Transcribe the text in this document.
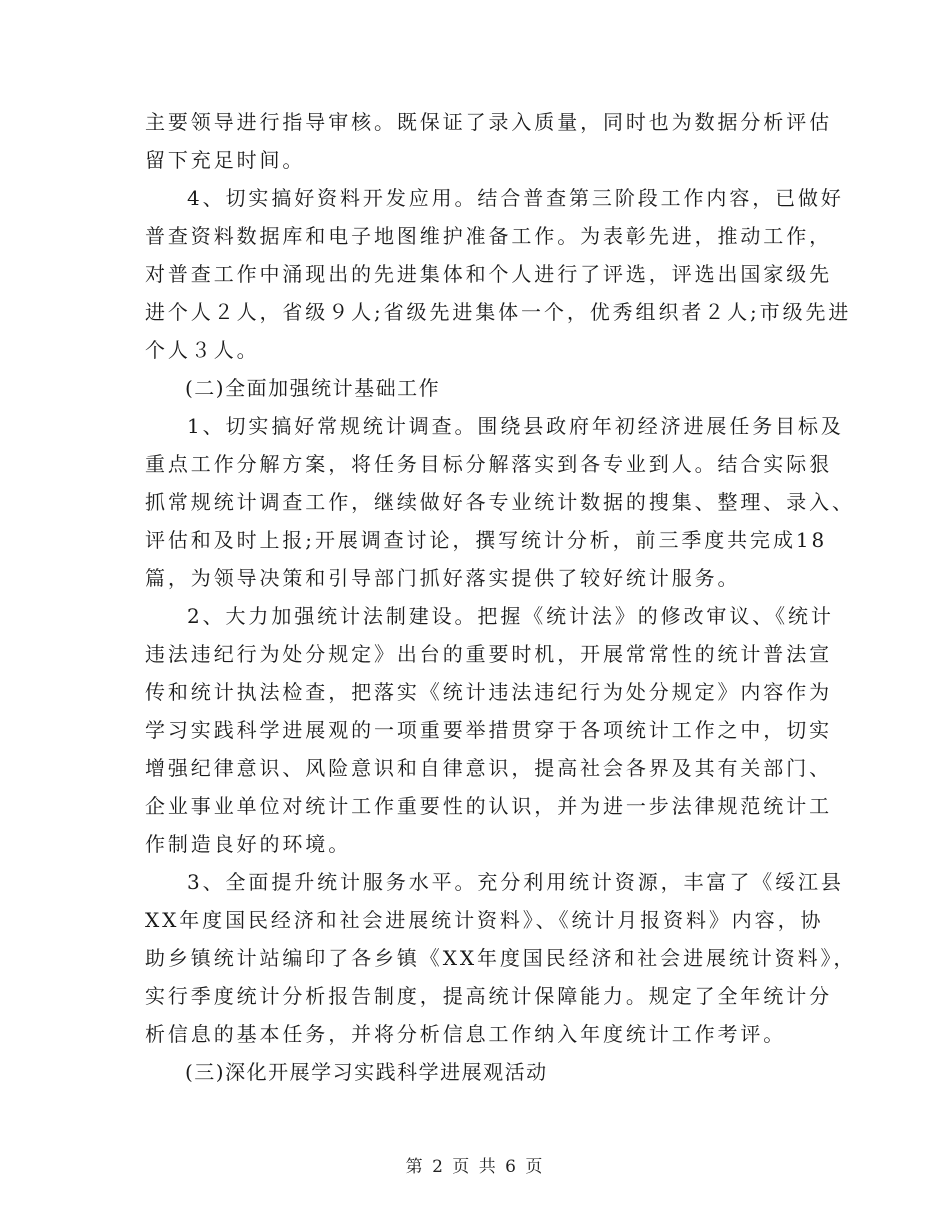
主要领导进行指导审核。既保证了录入质量，同时也为数据分析评估
留下充足时间。
4、切实搞好资料开发应用。结合普查第三阶段工作内容，已做好
普查资料数据库和电子地图维护准备工作。为表彰先进，推动工作，
对普查工作中涌现出的先进集体和个人进行了评选，评选出国家级先
进个人２人，省级９人;省级先进集体一个，优秀组织者２人;市级先进
个人３人。
(二)全面加强统计基础工作
1、切实搞好常规统计调查。围绕县政府年初经济进展任务目标及
重点工作分解方案，将任务目标分解落实到各专业到人。结合实际狠
抓常规统计调查工作，继续做好各专业统计数据的搜集、整理、录入、
评估和及时上报;开展调查讨论，撰写统计分析，前三季度共完成18
篇，为领导决策和引导部门抓好落实提供了较好统计服务。
2、大力加强统计法制建设。把握《统计法》的修改审议、《统计
违法违纪行为处分规定》出台的重要时机，开展常常性的统计普法宣
传和统计执法检查，把落实《统计违法违纪行为处分规定》内容作为
学习实践科学进展观的一项重要举措贯穿于各项统计工作之中，切实
增强纪律意识、风险意识和自律意识，提高社会各界及其有关部门、
企业事业单位对统计工作重要性的认识，并为进一步法律规范统计工
作制造良好的环境。
3、全面提升统计服务水平。充分利用统计资源，丰富了《绥江县
XX年度国民经济和社会进展统计资料》、《统计月报资料》内容，协
助乡镇统计站编印了各乡镇《XX年度国民经济和社会进展统计资料》，
实行季度统计分析报告制度，提高统计保障能力。规定了全年统计分
析信息的基本任务，并将分析信息工作纳入年度统计工作考评。
(三)深化开展学习实践科学进展观活动
第 2 页 共 6 页
